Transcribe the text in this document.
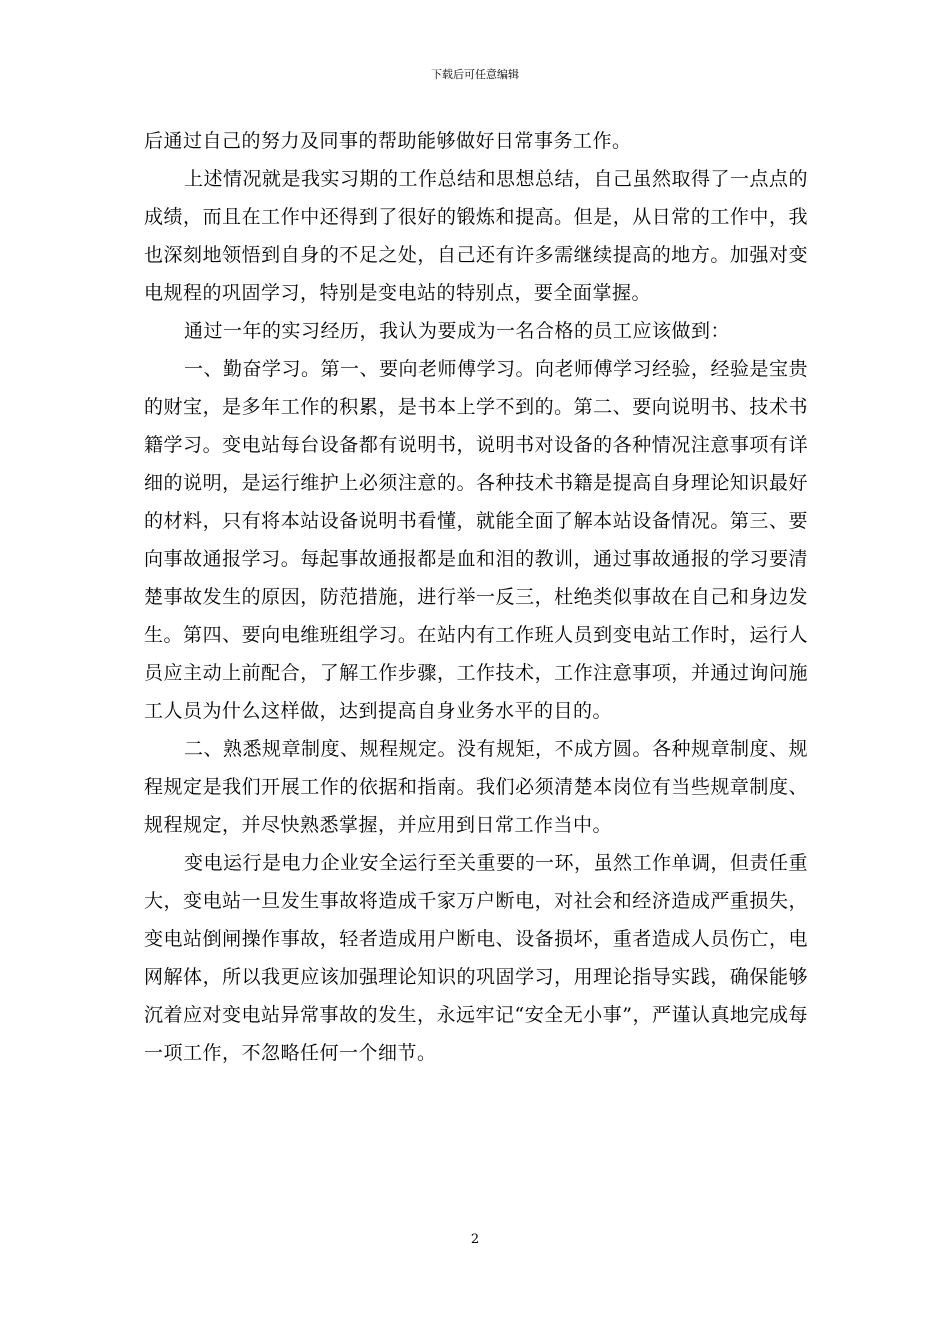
下载后可任意编辑

后通过自己的努力及同事的帮助能够做好日常事务工作。

上述情况就是我实习期的工作总结和思想总结，自己虽然取得了一点点的成绩，而且在工作中还得到了很好的锻炼和提高。但是，从日常的工作中，我也深刻地领悟到自身的不足之处，自己还有许多需继续提高的地方。加强对变电规程的巩固学习，特别是变电站的特别点，要全面掌握。

通过一年的实习经历，我认为要成为一名合格的员工应该做到：

一、勤奋学习。第一、要向老师傅学习。向老师傅学习经验，经验是宝贵的财宝，是多年工作的积累，是书本上学不到的。第二、要向说明书、技术书籍学习。变电站每台设备都有说明书，说明书对设备的各种情况注意事项有详细的说明，是运行维护上必须注意的。各种技术书籍是提高自身理论知识最好的材料，只有将本站设备说明书看懂，就能全面了解本站设备情况。第三、要向事故通报学习。每起事故通报都是血和泪的教训，通过事故通报的学习要清楚事故发生的原因，防范措施，进行举一反三，杜绝类似事故在自己和身边发生。第四、要向电维班组学习。在站内有工作班人员到变电站工作时，运行人员应主动上前配合，了解工作步骤，工作技术，工作注意事项，并通过询问施工人员为什么这样做，达到提高自身业务水平的目的。

二、熟悉规章制度、规程规定。没有规矩，不成方圆。各种规章制度、规程规定是我们开展工作的依据和指南。我们必须清楚本岗位有当些规章制度、规程规定，并尽快熟悉掌握，并应用到日常工作当中。

变电运行是电力企业安全运行至关重要的一环，虽然工作单调，但责任重大，变电站一旦发生事故将造成千家万户断电，对社会和经济造成严重损失，变电站倒闸操作事故，轻者造成用户断电、设备损坏，重者造成人员伤亡，电网解体，所以我更应该加强理论知识的巩固学习，用理论指导实践，确保能够沉着应对变电站异常事故的发生，永远牢记“安全无小事”，严谨认真地完成每一项工作，不忽略任何一个细节。

2
